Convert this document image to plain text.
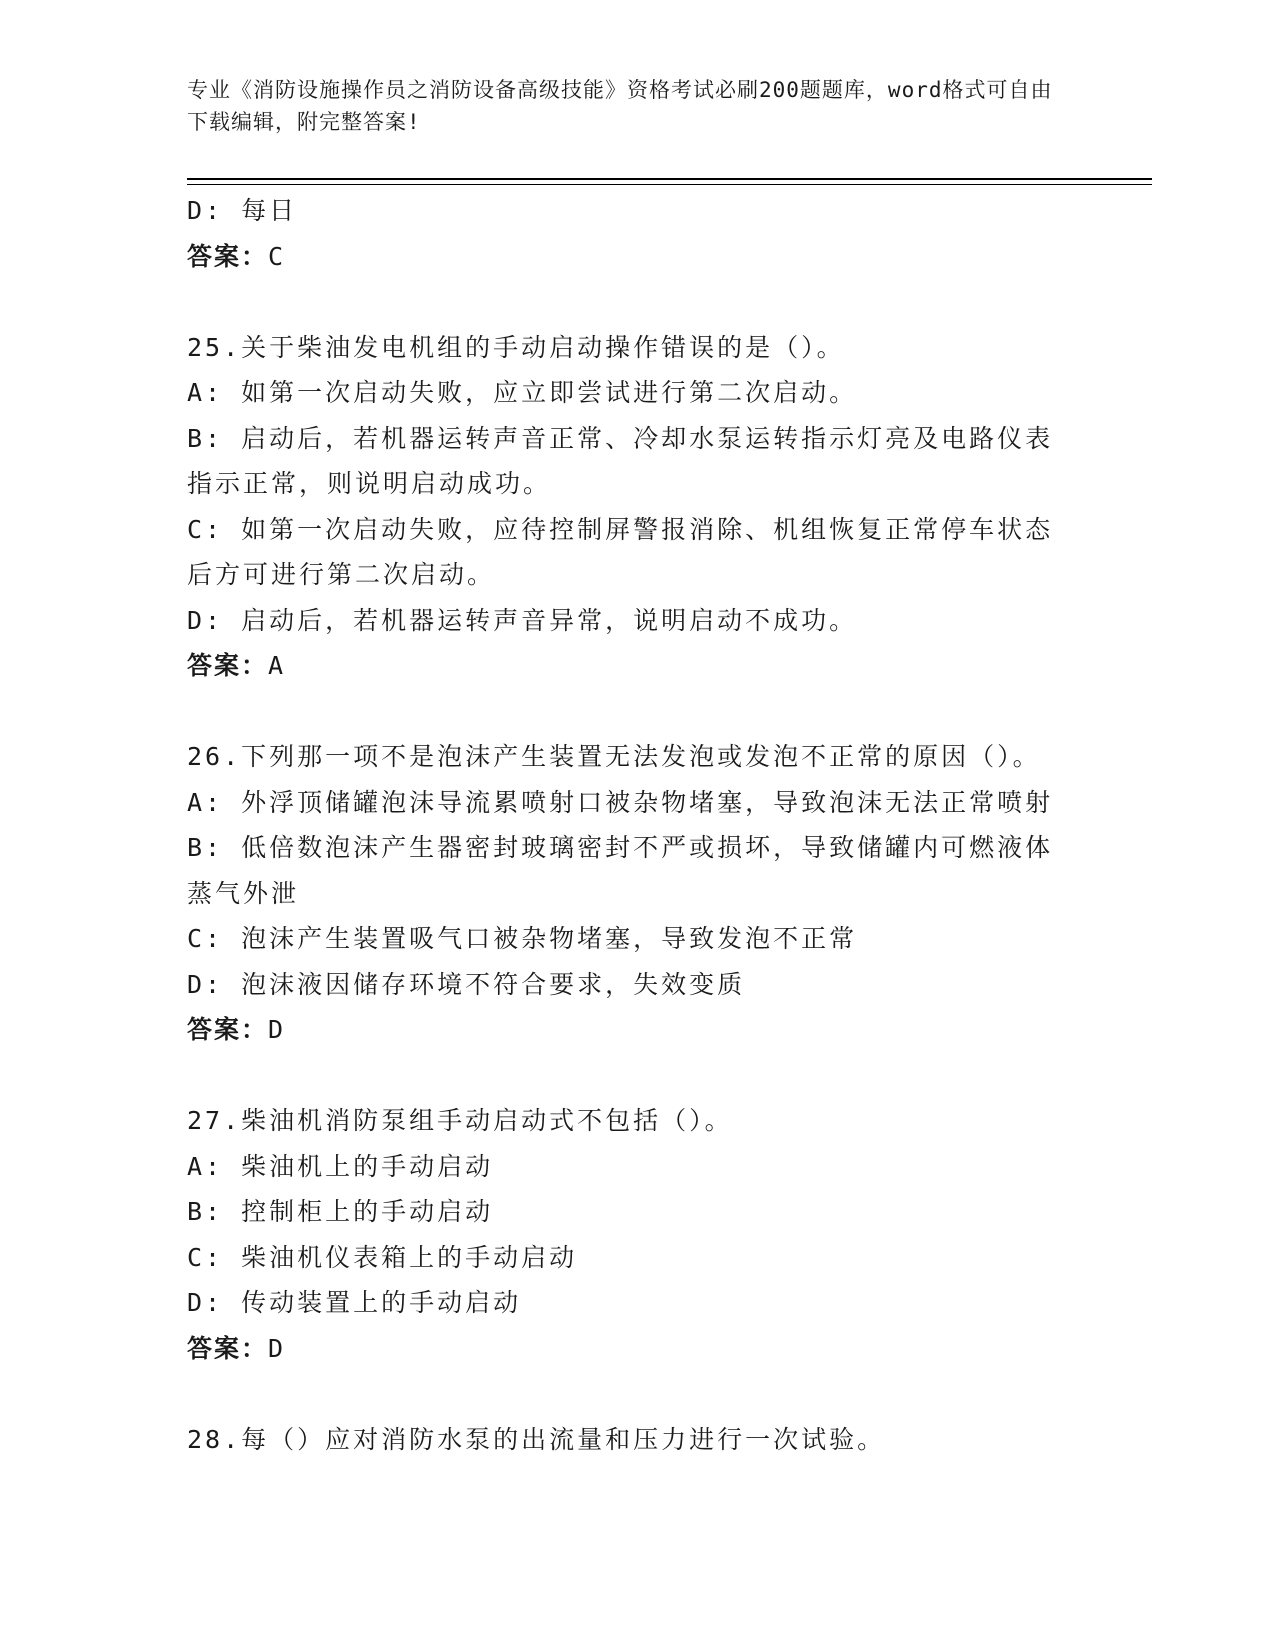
专业《消防设施操作员之消防设备高级技能》资格考试必刷200题题库，word格式可自由下载编辑，附完整答案!
D: 每日
答案：C
25.关于柴油发电机组的手动启动操作错误的是（）。
A: 如第一次启动失败，应立即尝试进行第二次启动。
B: 启动后，若机器运转声音正常、冷却水泵运转指示灯亮及电路仪表指示正常，则说明启动成功。
C: 如第一次启动失败，应待控制屏警报消除、机组恢复正常停车状态后方可进行第二次启动。
D: 启动后，若机器运转声音异常，说明启动不成功。
答案：A
26.下列那一项不是泡沫产生装置无法发泡或发泡不正常的原因（）。
A: 外浮顶储罐泡沫导流累喷射口被杂物堵塞，导致泡沫无法正常喷射
B: 低倍数泡沫产生器密封玻璃密封不严或损坏，导致储罐内可燃液体蒸气外泄
C: 泡沫产生装置吸气口被杂物堵塞，导致发泡不正常
D: 泡沫液因储存环境不符合要求，失效变质
答案：D
27.柴油机消防泵组手动启动式不包括（）。
A: 柴油机上的手动启动
B: 控制柜上的手动启动
C: 柴油机仪表箱上的手动启动
D: 传动装置上的手动启动
答案：D
28.每（）应对消防水泵的出流量和压力进行一次试验。
